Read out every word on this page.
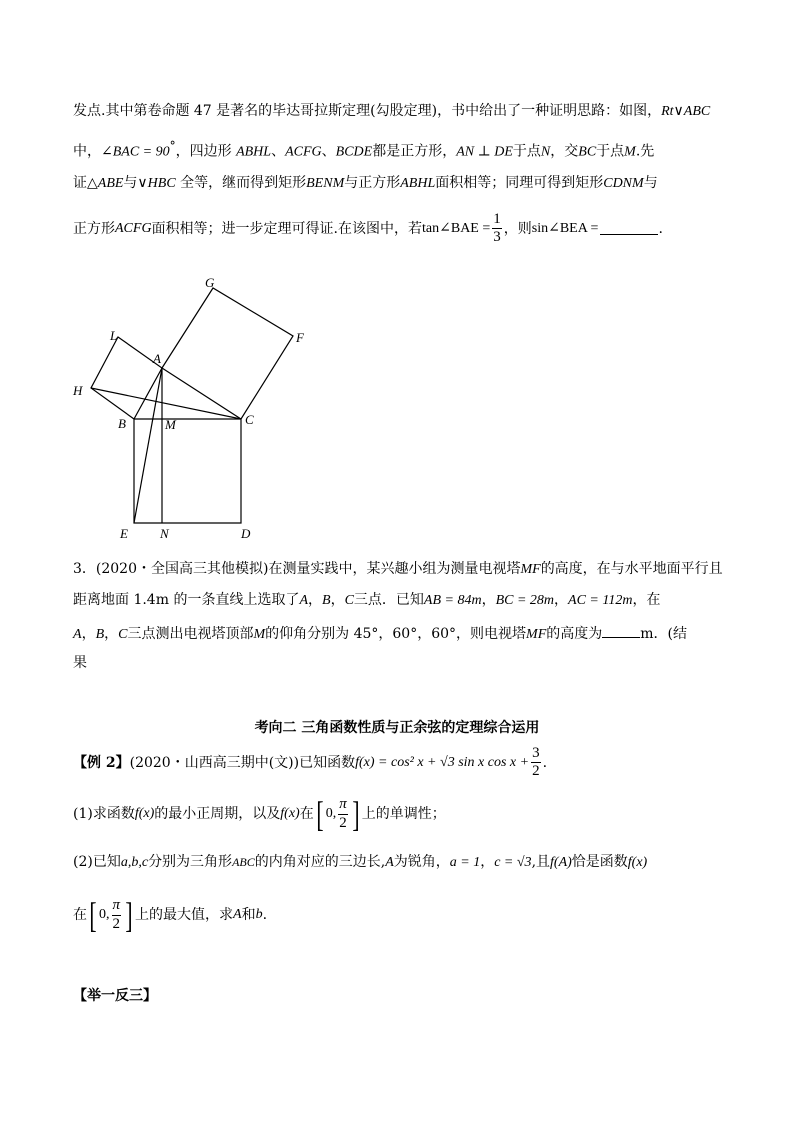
发点.其中第卷命题 47 是著名的毕达哥拉斯定理(勾股定理)，书中给出了一种证明思路：如图，Rt∨ABC
中，∠BAC = 90°，四边形 ABHL、ACFG、BCDE都是正方形，AN ⊥ DE于点N，交BC于点M.先
证△ABE与∨HBC 全等，继而得到矩形BENM与正方形ABHL面积相等；同理可得到矩形CDNM与
正方形 ACFG 面积相等；进一步定理可得证.在该图中，若 tan∠BAE = $\frac{1}{3}$ ，则 sin∠BEA =	.
G
F
L
A
H
B	M	C
E N	D
3．(2020・全国高三其他模拟)在测量实践中，某兴趣小组为测量电视塔MF的高度，在与水平地面平行且
距离地面 1.4m 的一条直线上选取了A，B，C三点．已知AB = 84m，BC = 28m，AC = 112m，在
A，B，C三点测出电视塔顶部M的仰角分别为 45°，60°，60°，则电视塔MF的高度为	m．(结
果
考向二 三角函数性质与正余弦的定理综合运用
【例 2】 (2020・山西高三期中(文))已知函数 f(x) = cos² x + √3 sin x $\cos x + \frac{3}{2}$ .
(1)求函数 f(x) 的最小正周期，以及 f(x) 在 [ 0, $\frac{\pi}{2}$ ] 上的单调性；
(2)已知a,b,c分别为三角形ABC的内角对应的三边长,A为锐角，a = 1，c = √3,且f(A)恰是函数f(x)
在 [ 0, $\frac{\pi}{2}$ ] 上的最大值，求 A 和 b .
【举一反三】
